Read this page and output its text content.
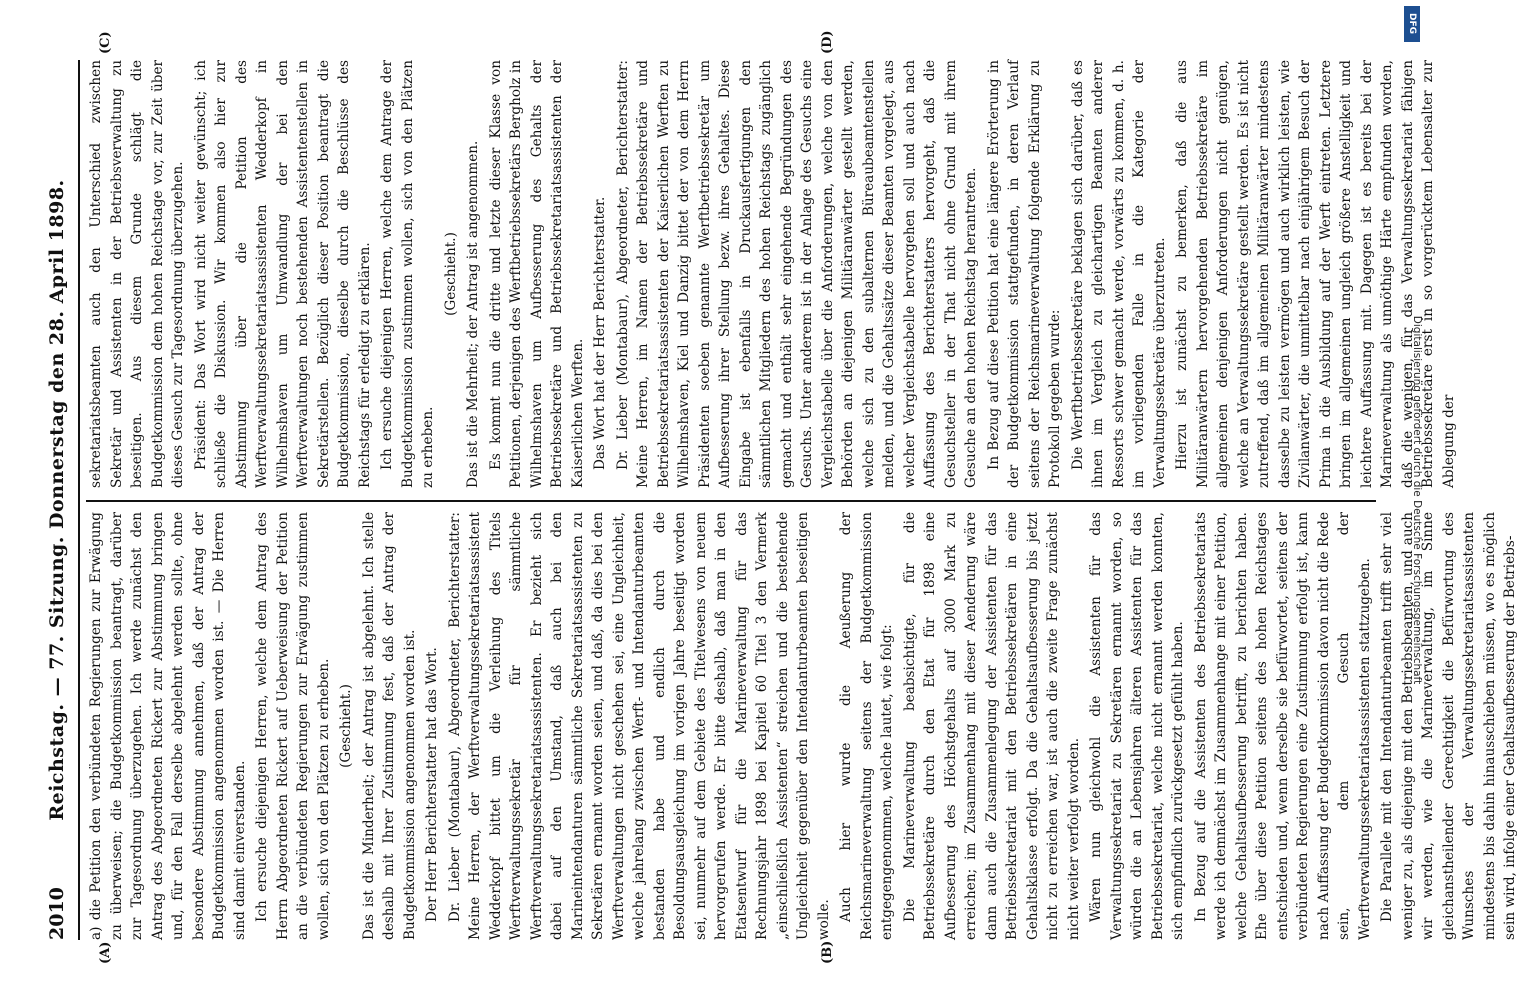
2010
Reichstag. — 77. Sitzung. Donnerstag den 28. April 1898.
(A)	(B)
(C)	(D)

a) die Petition den verbündeten Regierungen zur Erwägung zu überweisen; die Budgetkommission beantragt, darüber zur Tagesordnung überzugehen. Ich werde zunächst den Antrag des Abgeordneten Rickert zur Abstimmung bringen und, für den Fall derselbe abgelehnt werden sollte, ohne besondere Abstimmung annehmen, daß der Antrag der Budgetkommission angenommen worden ist. — Die Herren sind damit einverstanden. Ich ersuche diejenigen Herren, welche dem Antrag des Herrn Abgeordneten Rickert auf Ueberweisung der Petition an die verbündeten Regierungen zur Erwägung zustimmen wollen, sich von den Plätzen zu erheben. (Geschieht.) Das ist die Minderheit; der Antrag ist abgelehnt. Ich stelle deshalb mit Ihrer Zustimmung fest, daß der Antrag der Budgetkommission angenommen worden ist. Der Herr Berichterstatter hat das Wort. Dr. Lieber (Montabaur), Abgeordneter, Berichterstatter: Meine Herren, der Werftverwaltungssekretariatsassistent Wedderkopf bittet um die Verleihung des Titels Werftverwaltungssekretär für sämmtliche Werftverwaltungssekretariatsassistenten. Er bezieht sich dabei auf den Umstand, daß auch bei den Marineintendanturen sämmtliche Sekretariatsassistenten zu Sekretären ernannt worden seien, und daß, da dies bei den Werftverwaltungen nicht geschehen sei, eine Ungleichheit, welche jahrelang zwischen Werft- und Intendanturbeamten bestanden habe und endlich durch die Besoldungsausgleichung im vorigen Jahre beseitigt worden sei, nunmehr auf dem Gebiete des Titelwesens von neuem hervorgerufen werde. Er bitte deshalb, daß man in den Etatsentwurf für die Marineverwaltung für das Rechnungsjahr 1898 bei Kapitel 60 Titel 3 den Vermerk „einschließlich Assistenten“ streichen und die bestehende Ungleichheit gegenüber den Intendanturbeamten beseitigen wolle. Auch hier wurde die Aeußerung der Reichsmarineverwaltung seitens der Budgetkommission entgegengenommen, welche lautet, wie folgt: Die Marineverwaltung beabsichtigte, für die Betriebssekretäre durch den Etat für 1898 eine Aufbesserung des Höchstgehalts auf 3000 Mark zu erreichen; im Zusammenhang mit dieser Aenderung wäre dann auch die Zusammenlegung der Assistenten für das Betriebssekretariat mit den Betriebssekretären in eine Gehaltsklasse erfolgt. Da die Gehaltsaufbesserung bis jetzt nicht zu erreichen war, ist auch die zweite Frage zunächst nicht weiter verfolgt worden. Wären nun gleichwohl die Assistenten für das Verwaltungssekretariat zu Sekretären ernannt worden, so würden die an Lebensjahren älteren Assistenten für das Betriebssekretariat, welche nicht ernannt werden konnten, sich empfindlich zurückgesetzt gefühlt haben. In Bezug auf die Assistenten des Betriebssekretariats werde ich demnächst im Zusammenhange mit einer Petition, welche Gehaltsaufbesserung betrifft, zu berichten haben. Ehe über diese Petition seitens des hohen Reichstages entschieden und, wenn derselbe sie befürwortet, seitens der verbündeten Regierungen eine Zustimmung erfolgt ist, kann nach Auffassung der Budgetkommission davon nicht die Rede sein, dem Gesuch der Werftverwaltungssekretariatsassistenten stattzugeben. Die Parallele mit den Intendanturbeamten trifft sehr viel weniger zu, als diejenige mit den Betriebsbeamten, und auch wir werden, wie die Marineverwaltung, im Sinne gleichanstheilender Gerechtigkeit die Befürwortung des Wunsches der Verwaltungssekretariatsassistenten mindestens bis dahin hinausschieben müssen, wo es möglich sein wird, infolge einer Gehaltsaufbesserung der Betriebs-

sekretariatsbeamten auch den Unterschied zwischen Sekretär und Assistenten in der Betriebsverwaltung zu beseitigen. Aus diesem Grunde schlägt die Budgetkommission dem hohen Reichstage vor, zur Zeit über dieses Gesuch zur Tagesordnung überzugehen. Präsident: Das Wort wird nicht weiter gewünscht; ich schließe die Diskussion. Wir kommen also hier zur Abstimmung über die Petition des Werftverwaltungssekretariatsassistenten Wedderkopf in Wilhelmshaven um Umwandlung der bei den Werftverwaltungen noch bestehenden Assistentenstellen in Sekretärstellen. Bezüglich dieser Position beantragt die Budgetkommission, dieselbe durch die Beschlüsse des Reichstags für erledigt zu erklären. Ich ersuche diejenigen Herren, welche dem Antrage der Budgetkommission zustimmen wollen, sich von den Plätzen zu erheben.

(Geschieht.) Das ist die Mehrheit; der Antrag ist angenommen. Es kommt nun die dritte und letzte dieser Klasse von Petitionen, derjenigen des Werftbetriebssekretärs Bergholz in Wilhelmshaven um Aufbesserung des Gehalts der Betriebssekretäre und Betriebssekretariatsassistenten der Kaiserlichen Werften. Das Wort hat der Herr Berichterstatter. Dr. Lieber (Montabaur), Abgeordneter, Berichterstatter: Meine Herren, im Namen der Betriebssekretäre und Betriebssekretariatsassistenten der Kaiserlichen Werften zu Wilhelmshaven, Kiel und Danzig bittet der von dem Herrn Präsidenten soeben genannte Werftbetriebssekretär um Aufbesserung ihrer Stellung bezw. ihres Gehaltes. Diese Eingabe ist ebenfalls in Druckausfertigungen den sämmtlichen Mitgliedern des hohen Reichstags zugänglich gemacht und enthält sehr eingehende Begründungen des Gesuchs. Unter anderem ist in der Anlage des Gesuchs eine Vergleichstabelle über die Anforderungen, welche von den Behörden an diejenigen Militäranwärter gestellt werden, welche sich zu den subalternen Büreaubeamtenstellen melden, und die Gehaltssätze dieser Beamten vorgelegt, aus welcher Vergleichstabelle hervorgehen soll und auch nach Auffassung des Berichterstatters hervorgeht, daß die Gesuchsteller in der That nicht ohne Grund mit ihrem Gesuche an den hohen Reichstag herantreten. In Bezug auf diese Petition hat eine längere Erörterung in der Budgetkommission stattgefunden, in deren Verlauf seitens der Reichsmarineverwaltung folgende Erklärung zu Protokoll gegeben wurde: Die Werftbetriebssekretäre beklagen sich darüber, daß es ihnen im Vergleich zu gleichartigen Beamten anderer Ressorts schwer gemacht werde, vorwärts zu kommen, d. h. im vorliegenden Falle in die Kategorie der Verwaltungssekretäre überzutreten. Hierzu ist zunächst zu bemerken, daß die aus Militäranwärtern hervorgehenden Betriebssekretäre im allgemeinen denjenigen Anforderungen nicht genügen, welche an Verwaltungssekretäre gestellt werden. Es ist nicht zutreffend, daß im allgemeinen Militäranwärter mindestens dasselbe zu leisten vermögen und auch wirklich leisten, wie Zivilanwärter, die unmittelbar nach einjährigem Besuch der Prima in die Ausbildung auf der Werft eintreten. Letztere bringen im allgemeinen ungleich größere Anstelligkeit und leichtere Auffassung mit. Dagegen ist es bereits bei der Marineverwaltung als unnöthige Härte empfunden worden, daß die wenigen, für das Verwaltungssekretariat fähigen Betriebssekretäre erst in so vorgerücktem Lebensalter zur Ablegung der

DFG
Digitalisierung gefördert durch die Deutsche Forschungsgemeinschaft
